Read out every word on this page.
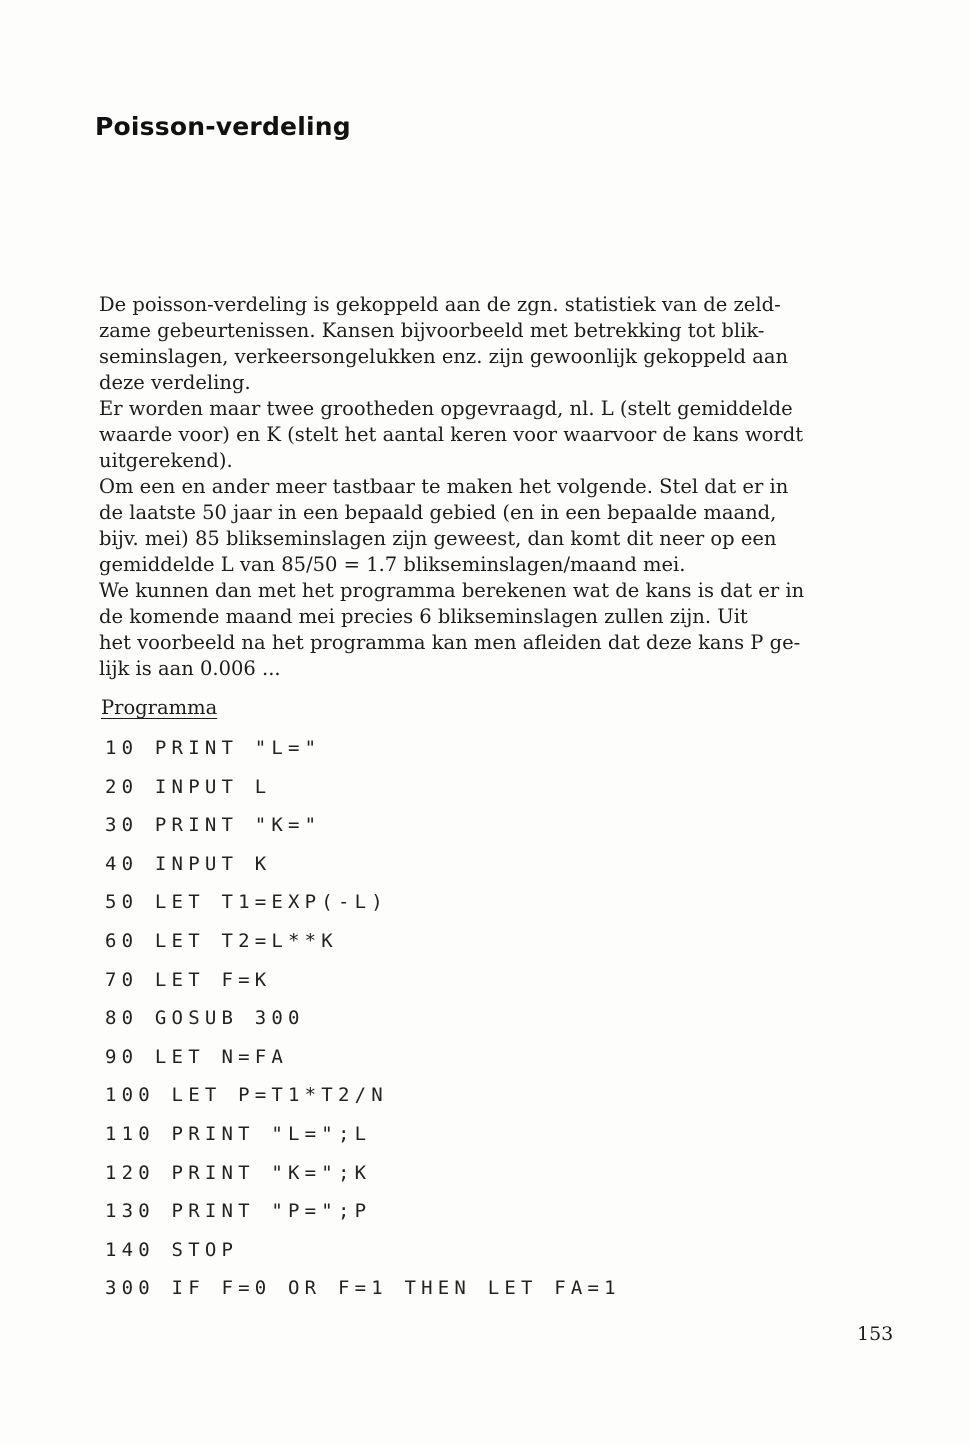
Poisson-verdeling

De poisson-verdeling is gekoppeld aan de zgn. statistiek van de zeld-
zame gebeurtenissen. Kansen bijvoorbeeld met betrekking tot blik-
seminslagen, verkeersongelukken enz. zijn gewoonlijk gekoppeld aan
deze verdeling.
Er worden maar twee grootheden opgevraagd, nl. L (stelt gemiddelde
waarde voor) en K (stelt het aantal keren voor waarvoor de kans wordt
uitgerekend).
Om een en ander meer tastbaar te maken het volgende. Stel dat er in
de laatste 50 jaar in een bepaald gebied (en in een bepaalde maand,
bijv. mei) 85 blikseminslagen zijn geweest, dan komt dit neer op een
gemiddelde L van 85/50 = 1.7 blikseminslagen/maand mei.
We kunnen dan met het programma berekenen wat de kans is dat er in
de komende maand mei precies 6 blikseminslagen zullen zijn. Uit
het voorbeeld na het programma kan men afleiden dat deze kans P ge-
lijk is aan 0.006 ...

Programma

10 PRINT "L="
20 INPUT L
30 PRINT "K="
40 INPUT K
50 LET T1=EXP(-L)
60 LET T2=L**K
70 LET F=K
80 GOSUB 300
90 LET N=FA
100 LET P=T1*T2/N
110 PRINT "L=";L
120 PRINT "K=";K
130 PRINT "P=";P
140 STOP
300 IF F=0 OR F=1 THEN LET FA=1

153
